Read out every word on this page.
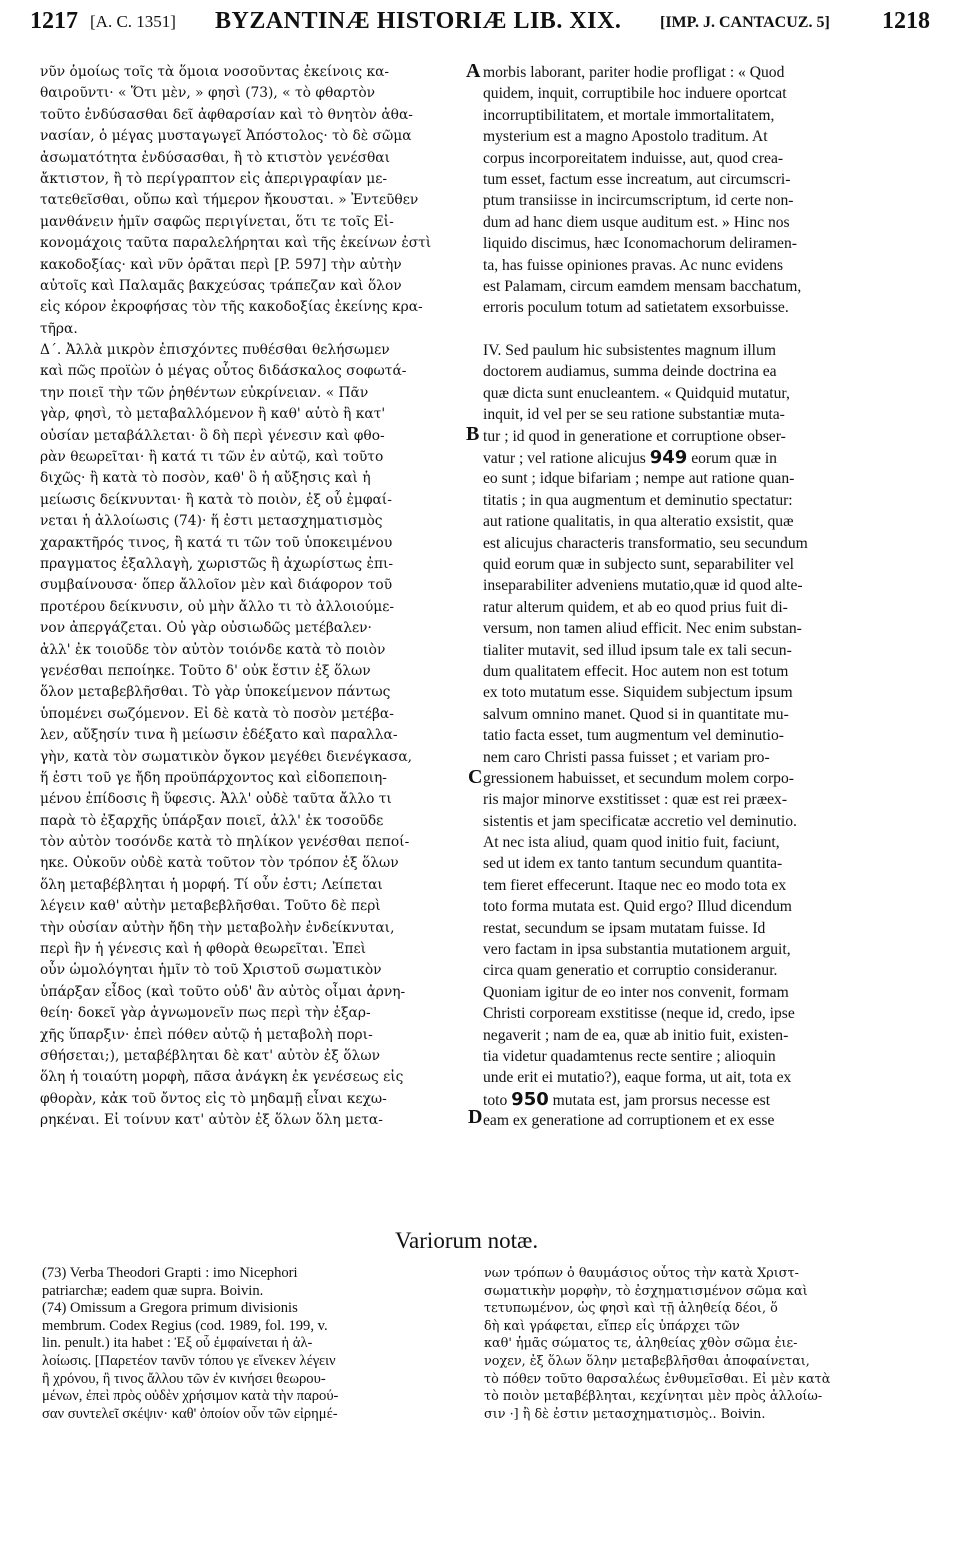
1217 [A. C. 1351] BYZANTINÆ HISTORIÆ LIB. XIX. [IMP. J. CANTACUZ. 5] 1218
νῦν ὁμοίως τοῖς τὰ ὅμοια νοσοῦντας ἐκείνοις κα-
θαιροῦντι· « Ὅτι μὲν, » φησὶ (73), « τὸ φθαρτὸν
τοῦτο ἐνδύσασθαι δεῖ ἀφθαρσίαν καὶ τὸ θνητὸν ἀθα-
νασίαν, ὁ μέγας μυσταγωγεῖ Ἀπόστολος· τὸ δὲ σῶμα
ἀσωματότητα ἐνδύσασθαι, ἢ τὸ κτιστὸν γενέσθαι
ἄκτιστον, ἢ τὸ περίγραπτον εἰς ἀπεριγραφίαν με-
τατεθεῖσθαι, οὔπω καὶ τήμερον ἤκουσται. » Ἐντεῦθεν
μανθάνειν ἡμῖν σαφῶς περιγίνεται, ὅτι τε τοῖς Εἰ-
κονομάχοις ταῦτα παραλελήρηται καὶ τῆς ἐκείνων ἐστὶ
κακοδοξίας· καὶ νῦν ὁρᾶται περὶ [P. 597] τὴν αὐτὴν
αὐτοῖς καὶ Παλαμᾶς βακχεύσας τράπεζαν καὶ ὅλον
εἰς κόρον ἐκροφήσας τὸν τῆς κακοδοξίας ἐκείνης κρα-
τῆρα.
Δ΄. Ἀλλὰ μικρὸν ἐπισχόντες πυθέσθαι θελήσωμεν
καὶ πῶς προϊὼν ὁ μέγας οὗτος διδάσκαλος σοφωτά-
την ποιεῖ τὴν τῶν ῥηθέντων εὐκρίνειαν. « Πᾶν
γὰρ, φησὶ, τὸ μεταβαλλόμενον ἢ καθ' αὑτὸ ἢ κατ'
οὐσίαν μεταβάλλεται· ὃ δὴ περὶ γένεσιν καὶ φθο-
ρὰν θεωρεῖται· ἢ κατά τι τῶν ἐν αὐτῷ, καὶ τοῦτο
διχῶς· ἢ κατὰ τὸ ποσὸν, καθ' ὃ ἡ αὔξησις καὶ ἡ
μείωσις δείκνυνται· ἢ κατὰ τὸ ποιὸν, ἐξ οὗ ἐμφαί-
νεται ἡ ἀλλοίωσις (74)· ἥ ἐστι μετασχηματισμὸς
χαρακτῆρός τινος, ἢ κατά τι τῶν τοῦ ὑποκειμένου
πραγματος ἐξαλλαγὴ, χωριστῶς ἢ ἀχωρίστως ἐπι-
συμβαίνουσα· ὅπερ ἄλλοῖον μὲν καὶ διάφορον τοῦ
προτέρου δείκνυσιν, οὐ μὴν ἄλλο τι τὸ ἀλλοιούμε-
νον ἀπεργάζεται. Οὐ γὰρ οὐσιωδῶς μετέβαλεν·
ἀλλ' ἐκ τοιοῦδε τὸν αὐτὸν τοιόνδε κατὰ τὸ ποιὸν
γενέσθαι πεποίηκε. Τοῦτο δ' οὐκ ἔστιν ἐξ ὅλων
ὅλον μεταβεβλῆσθαι. Τὸ γὰρ ὑποκείμενον πάντως
ὑπομένει σωζόμενον. Εἰ δὲ κατὰ τὸ ποσὸν μετέβα-
λεν, αὔξησίν τινα ἢ μείωσιν ἐδέξατο καὶ παραλλα-
γὴν, κατὰ τὸν σωματικὸν ὄγκον μεγέθει διενέγκασα,
ἥ ἐστι τοῦ γε ἤδη προϋπάρχοντος καὶ εἰδοπεποιη-
μένου ἐπίδοσις ἢ ὕφεσις. Ἀλλ' οὐδὲ ταῦτα ἄλλο τι
παρὰ τὸ ἐξαρχῆς ὑπάρξαν ποιεῖ, ἀλλ' ἐκ τοσοῦδε
τὸν αὐτὸν τοσόνδε κατὰ τὸ πηλίκον γενέσθαι πεποί-
ηκε. Οὐκοῦν οὐδὲ κατὰ τοῦτον τὸν τρόπον ἐξ ὅλων
ὅλη μεταβέβληται ἡ μορφή. Τί οὖν ἐστι; Λείπεται
λέγειν καθ' αὐτὴν μεταβεβλῆσθαι. Τοῦτο δὲ περὶ
τὴν οὐσίαν αὐτὴν ἤδη τὴν μεταβολὴν ἐνδείκνυται,
περὶ ἣν ἡ γένεσις καὶ ἡ φθορὰ θεωρεῖται. Ἐπεὶ
οὖν ὡμολόγηται ἡμῖν τὸ τοῦ Χριστοῦ σωματικὸν
ὑπάρξαν εἶδος (καὶ τοῦτο οὐδ' ἂν αὐτὸς οἶμαι ἀρνη-
θείη· δοκεῖ γὰρ ἀγνωμονεῖν πως περὶ τὴν ἐξαρ-
χῆς ὕπαρξιν· ἐπεὶ πόθεν αὐτῷ ἡ μεταβολὴ πορι-
σθήσεται;), μεταβέβληται δὲ κατ' αὐτὸν ἐξ ὅλων
ὅλη ἡ τοιαύτη μορφὴ, πᾶσα ἀνάγκη ἐκ γενέσεως εἰς
φθορὰν, κἀκ τοῦ ὄντος εἰς τὸ μηδαμῇ εἶναι κεχω-
ρηκέναι. Εἰ τοίνυν κατ' αὐτὸν ἐξ ὅλων ὅλη μετα-
morbis laborant, pariter hodie profligat : « Quod
quidem, inquit, corruptibile hoc induere oportcat
incorruptibilitatem, et mortale immortalitatem,
mysterium est a magno Apostolo traditum. At
corpus incorporeitatem induisse, aut, quod crea-
tum esset, factum esse increatum, aut circumscri-
ptum transiisse in incircumscriptum, id certe non-
dum ad hanc diem usque auditum est. » Hinc nos
liquido discimus, hæc Iconomachorum deliramen-
ta, has fuisse opiniones pravas. Ac nunc evidens
est Palamam, circum eamdem mensam bacchatum,
erroris poculum totum ad satietatem exsorbuisse.

IV. Sed paulum hic subsistentes magnum illum
doctorem audiamus, summa deinde doctrina ea
quæ dicta sunt enucleantem. « Quidquid mutatur,
inquit, id vel per se seu ratione substantiæ muta-
tur ; id quod in generatione et corruptione obser-
vatur ; vel ratione alicujus 949 eorum quæ in
eo sunt ; idque bifariam ; nempe aut ratione quan-
titatis ; in qua augmentum et deminutio spectatur:
aut ratione qualitatis, in qua alteratio exsistit, quæ
est alicujus characteris transformatio, seu secundum
quid eorum quæ in subjecto sunt, separabiliter vel
inseparabiliter adveniens mutatio,quæ id quod alte-
ratur alterum quidem, et ab eo quod prius fuit di-
versum, non tamen aliud efficit. Nec enim substan-
tialiter mutavit, sed illud ipsum tale ex tali secun-
dum qualitatem effecit. Hoc autem non est totum
ex toto mutatum esse. Siquidem subjectum ipsum
salvum omnino manet. Quod si in quantitate mu-
tatio facta esset, tum augmentum vel deminutio-
nem caro Christi passa fuisset ; et variam pro-
gressionem habuisset, et secundum molem corpo-
ris major minorve exstitisset : quæ est rei præex-
sistentis et jam specificatæ accretio vel deminutio.
At nec ista aliud, quam quod initio fuit, faciunt,
sed ut idem ex tanto tantum secundum quantita-
tem fieret effecerunt. Itaque nec eo modo tota ex
toto forma mutata est. Quid ergo? Illud dicendum
restat, secundum se ipsam mutatam fuisse. Id
vero factam in ipsa substantia mutationem arguit,
circa quam generatio et corruptio consideranur.
Quoniam igitur de eo inter nos convenit, formam
Christi corpoream exstitisse (neque id, credo, ipse
negaverit ; nam de ea, quæ ab initio fuit, existen-
tia videtur quadamtenus recte sentire ; alioquin
unde erit ei mutatio?), eaque forma, ut ait, tota ex
toto 950 mutata est, jam prorsus necesse est
eam ex generatione ad corruptionem et ex esse
A
B
C
D
Variorum notæ.
(73) Verba Theodori Grapti : imo Nicephori
patriarchæ; eadem quæ supra. Boivin.
(74) Omissum a Gregora primum divisionis
membrum. Codex Regius (cod. 1989, fol. 199, v.
lin. penult.) ita habet : Ἐξ οὗ ἐμφαίνεται ἡ ἀλ-
λοίωσις. [Παρετέον τανῦν τόπου γε εἵνεκεν λέγειν
ἢ χρόνου, ἢ τινος ἄλλου τῶν ἐν κινήσει θεωρου-
μένων, ἐπεὶ πρὸς οὐδὲν χρήσιμον κατὰ τὴν παρού-
σαν συντελεῖ σκέψιν· καθ' ὁποίον οὖν τῶν εἰρημέ-
νων τρόπων ὁ θαυμάσιος οὗτος τὴν κατὰ Χριστ-
σωματικὴν μορφὴν, τὸ ἐσχηματισμένον σῶμα καὶ
τετυπωμένον, ὡς φησὶ καὶ τῇ ἀληθείᾳ δέοι, ὅ
δὴ καὶ γράφεται, εἴπερ εἷς ὑπάρχει τῶν
καθ' ἡμᾶς σώματος τε, ἀληθείας χθὸν σῶμα ἐιε-
νοχεν, ἐξ ὅλων ὅλην μεταβεβλῆσθαι ἀποφαίνεται,
τὸ πόθεν τοῦτο θαρσαλέως ἐνθυμεῖσθαι. Εἰ μὲν κατὰ
τὸ ποιὸν μεταβέβληται, κεχίνηται μὲν πρὸς ἀλλοίω-
σιν ·] ἢ δὲ ἐστιν μετασχηματισμὸς.. Boivin.
